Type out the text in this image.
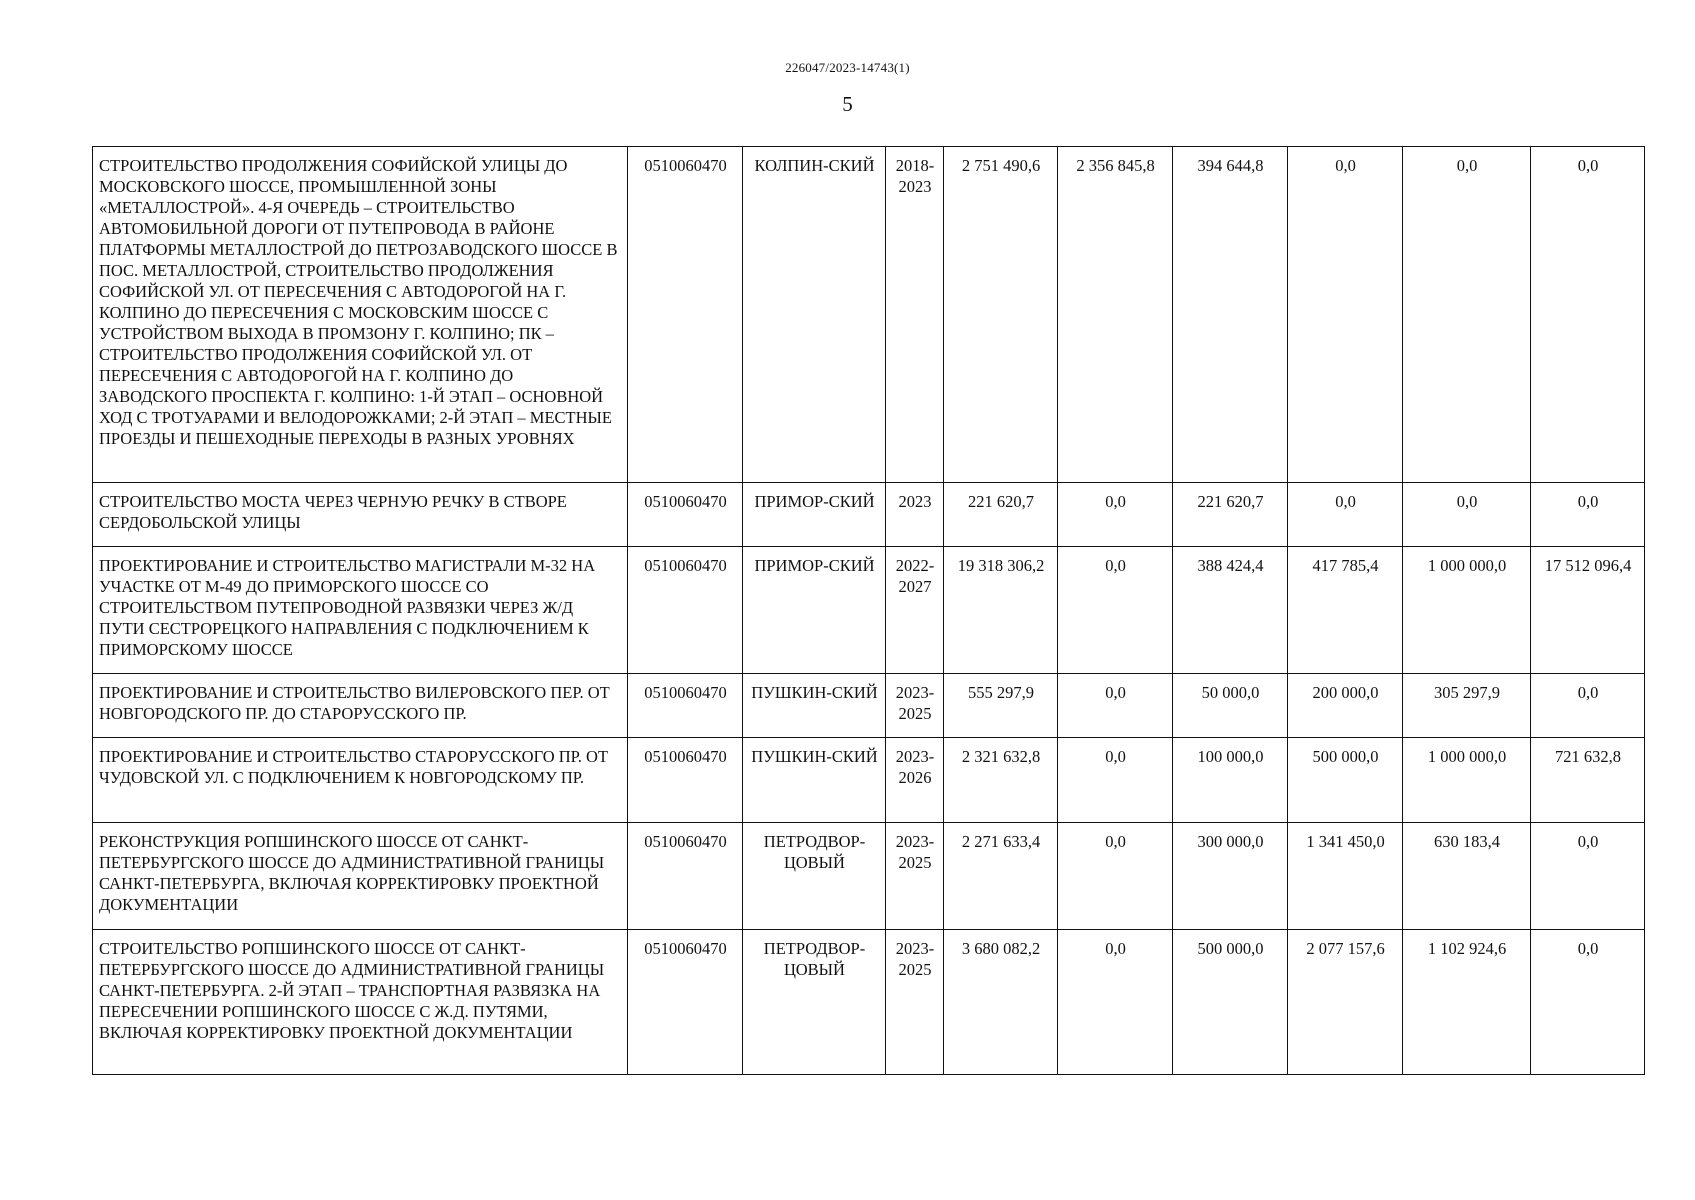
226047/2023-14743(1)
5
СТРОИТЕЛЬСТВО ПРОДОЛЖЕНИЯ СОФИЙСКОЙ УЛИЦЫ ДО МОСКОВСКОГО ШОССЕ, ПРОМЫШЛЕННОЙ ЗОНЫ «МЕТАЛЛОСТРОЙ». 4-Я ОЧЕРЕДЬ – СТРОИТЕЛЬСТВО АВТОМОБИЛЬНОЙ ДОРОГИ ОТ ПУТЕПРОВОДА В РАЙОНЕ ПЛАТФОРМЫ МЕТАЛЛОСТРОЙ ДО ПЕТРОЗАВОДСКОГО ШОССЕ В ПОС. МЕТАЛЛОСТРОЙ, СТРОИТЕЛЬСТВО ПРОДОЛЖЕНИЯ СОФИЙСКОЙ УЛ. ОТ ПЕРЕСЕЧЕНИЯ С АВТОДОРОГОЙ НА Г. КОЛПИНО ДО ПЕРЕСЕЧЕНИЯ С МОСКОВСКИМ ШОССЕ С УСТРОЙСТВОМ ВЫХОДА В ПРОМЗОНУ Г. КОЛПИНО; ПК – СТРОИТЕЛЬСТВО ПРОДОЛЖЕНИЯ СОФИЙСКОЙ УЛ. ОТ ПЕРЕСЕЧЕНИЯ С АВТОДОРОГОЙ НА Г. КОЛПИНО ДО ЗАВОДСКОГО ПРОСПЕКТА Г. КОЛПИНО: 1-Й ЭТАП – ОСНОВНОЙ ХОД С ТРОТУАРАМИ И ВЕЛОДОРОЖКАМИ; 2-Й ЭТАП – МЕСТНЫЕ ПРОЕЗДЫ И ПЕШЕХОДНЫЕ ПЕРЕХОДЫ В РАЗНЫХ УРОВНЯХ	0510060470	КОЛПИН-СКИЙ	2018-2023	2 751 490,6	2 356 845,8	394 644,8	0,0	0,0	0,0
СТРОИТЕЛЬСТВО МОСТА ЧЕРЕЗ ЧЕРНУЮ РЕЧКУ В СТВОРЕ СЕРДОБОЛЬСКОЙ УЛИЦЫ	0510060470	ПРИМОР-СКИЙ	2023	221 620,7	0,0	221 620,7	0,0	0,0	0,0
ПРОЕКТИРОВАНИЕ И СТРОИТЕЛЬСТВО МАГИСТРАЛИ М-32 НА УЧАСТКЕ ОТ М-49 ДО ПРИМОРСКОГО ШОССЕ СО СТРОИТЕЛЬСТВОМ ПУТЕПРОВОДНОЙ РАЗВЯЗКИ ЧЕРЕЗ Ж/Д ПУТИ СЕСТРОРЕЦКОГО НАПРАВЛЕНИЯ С ПОДКЛЮЧЕНИЕМ К ПРИМОРСКОМУ ШОССЕ	0510060470	ПРИМОР-СКИЙ	2022-2027	19 318 306,2	0,0	388 424,4	417 785,4	1 000 000,0	17 512 096,4
ПРОЕКТИРОВАНИЕ И СТРОИТЕЛЬСТВО ВИЛЕРОВСКОГО ПЕР. ОТ НОВГОРОДСКОГО ПР. ДО СТАРОРУССКОГО ПР.	0510060470	ПУШКИН-СКИЙ	2023-2025	555 297,9	0,0	50 000,0	200 000,0	305 297,9	0,0
ПРОЕКТИРОВАНИЕ И СТРОИТЕЛЬСТВО СТАРОРУССКОГО ПР. ОТ ЧУДОВСКОЙ УЛ. С ПОДКЛЮЧЕНИЕМ К НОВГОРОДСКОМУ ПР.	0510060470	ПУШКИН-СКИЙ	2023-2026	2 321 632,8	0,0	100 000,0	500 000,0	1 000 000,0	721 632,8
РЕКОНСТРУКЦИЯ РОПШИНСКОГО ШОССЕ ОТ САНКТ-ПЕТЕРБУРГСКОГО ШОССЕ ДО АДМИНИСТРАТИВНОЙ ГРАНИЦЫ САНКТ-ПЕТЕРБУРГА, ВКЛЮЧАЯ КОРРЕКТИРОВКУ ПРОЕКТНОЙ ДОКУМЕНТАЦИИ	0510060470	ПЕТРОДВОР-ЦОВЫЙ	2023-2025	2 271 633,4	0,0	300 000,0	1 341 450,0	630 183,4	0,0
СТРОИТЕЛЬСТВО РОПШИНСКОГО ШОССЕ ОТ САНКТ-ПЕТЕРБУРГСКОГО ШОССЕ ДО АДМИНИСТРАТИВНОЙ ГРАНИЦЫ САНКТ-ПЕТЕРБУРГА. 2-Й ЭТАП – ТРАНСПОРТНАЯ РАЗВЯЗКА НА ПЕРЕСЕЧЕНИИ РОПШИНСКОГО ШОССЕ С Ж.Д. ПУТЯМИ, ВКЛЮЧАЯ КОРРЕКТИРОВКУ ПРОЕКТНОЙ ДОКУМЕНТАЦИИ	0510060470	ПЕТРОДВОР-ЦОВЫЙ	2023-2025	3 680 082,2	0,0	500 000,0	2 077 157,6	1 102 924,6	0,0
